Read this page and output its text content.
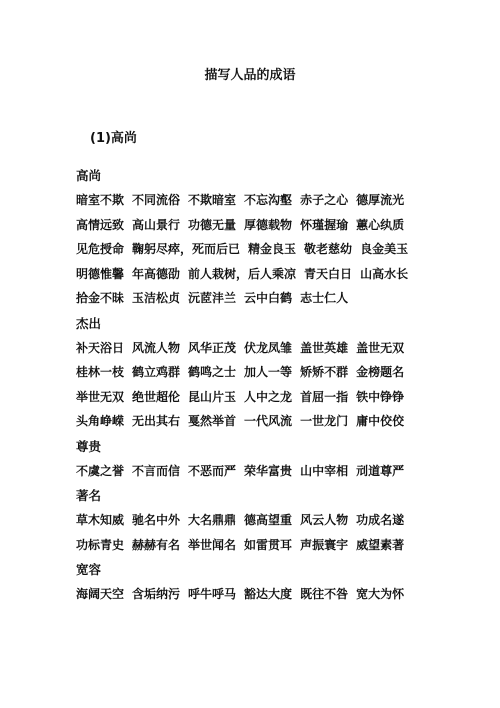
描写人品的成语
(1)高尚
高尚
暗室不欺 不同流俗 不欺暗室 不忘沟壑 赤子之心 德厚流光
高情远致 高山景行 功德无量 厚德载物 怀瑾握瑜 蕙心纨质
见危授命 鞠躬尽瘁，死而后已 精金良玉 敬老慈幼 良金美玉
明德惟馨 年高德劭 前人栽树，后人乘凉 青天白日 山高水长
拾金不昧 玉洁松贞 沅茝沣兰 云中白鹤 志士仁人
杰出
补天浴日 风流人物 风华正茂 伏龙凤雏 盖世英雄 盖世无双
桂林一枝 鹤立鸡群 鹤鸣之士 加人一等 矫矫不群 金榜题名
举世无双 绝世超伦 昆山片玉 人中之龙 首屈一指 铁中铮铮
头角峥嵘 无出其右 戛然举首 一代风流 一世龙门 庸中佼佼
尊贵
不虞之誉 不言而信 不恶而严 荣华富贵 山中宰相 刓道尊严
著名
草木知威 驰名中外 大名鼎鼎 德高望重 风云人物 功成名遂
功标青史 赫赫有名 举世闻名 如雷贯耳 声振寰宇 威望素著
宽容
海阔天空 含垢纳污 呼牛呼马 豁达大度 既往不咎 宽大为怀
